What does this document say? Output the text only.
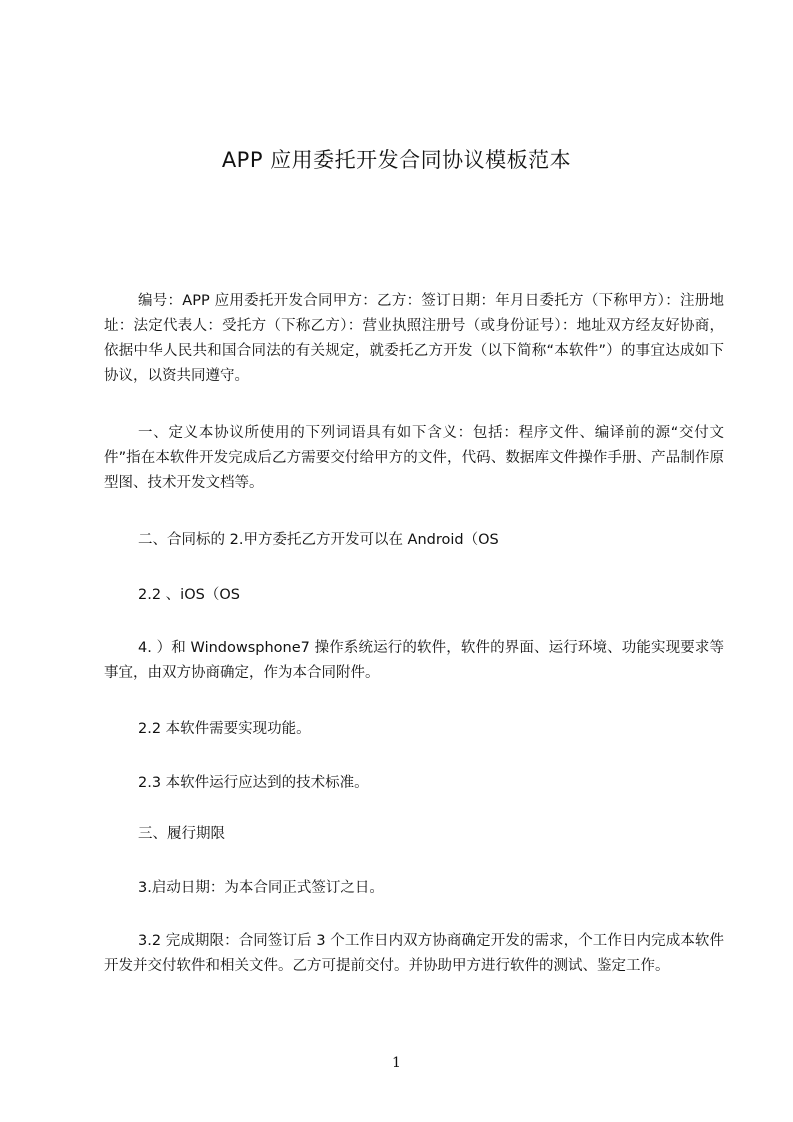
APP 应用委托开发合同协议模板范本

编号：APP 应用委托开发合同甲方：乙方：签订日期：年月日委托方（下称甲方）：注册地址：法定代表人：受托方（下称乙方）：营业执照注册号（或身份证号）：地址双方经友好协商，依据中华人民共和国合同法的有关规定，就委托乙方开发（以下简称“本软件”）的事宜达成如下协议，以资共同遵守。

一、定义本协议所使用的下列词语具有如下含义：包括：程序文件、编译前的源“交付文件”指在本软件开发完成后乙方需要交付给甲方的文件，代码、数据库文件操作手册、产品制作原型图、技术开发文档等。

二、合同标的 2.甲方委托乙方开发可以在 Android（OS

2.2 、iOS（OS

4. ）和 Windowsphone7 操作系统运行的软件，软件的界面、运行环境、功能实现要求等事宜，由双方协商确定，作为本合同附件。

2.2 本软件需要实现功能。

2.3 本软件运行应达到的技术标准。

三、履行期限

3.启动日期：为本合同正式签订之日。

3.2 完成期限：合同签订后 3 个工作日内双方协商确定开发的需求，个工作日内完成本软件开发并交付软件和相关文件。乙方可提前交付。并协助甲方进行软件的测试、鉴定工作。

1
